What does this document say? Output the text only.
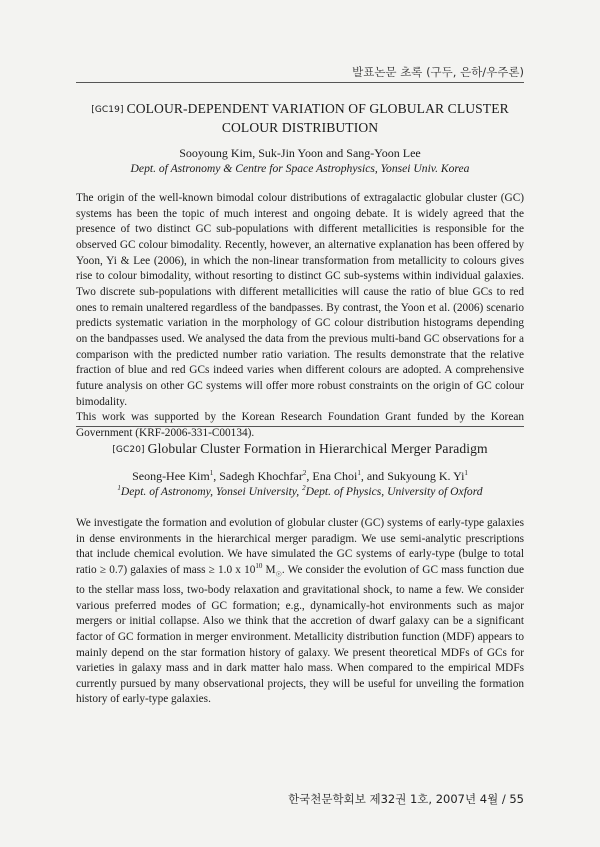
발표논문 초록 (구두, 은하/우주론)
[GC19] COLOUR-DEPENDENT VARIATION OF GLOBULAR CLUSTER
COLOUR DISTRIBUTION
Sooyoung Kim, Suk-Jin Yoon and Sang-Yoon Lee
Dept. of Astronomy & Centre for Space Astrophysics, Yonsei Univ. Korea

The origin of the well-known bimodal colour distributions of extragalactic globular cluster (GC) systems has been the topic of much interest and ongoing debate. It is widely agreed that the presence of two distinct GC sub-populations with different metallicities is responsible for the observed GC colour bimodality. Recently, however, an alternative explanation has been offered by Yoon, Yi & Lee (2006), in which the non-linear transformation from metallicity to colours gives rise to colour bimodality, without resorting to distinct GC sub-systems within individual galaxies. Two discrete sub-populations with different metallicities will cause the ratio of blue GCs to red ones to remain unaltered regardless of the bandpasses. By contrast, the Yoon et al. (2006) scenario predicts systematic variation in the morphology of GC colour distribution histograms depending on the bandpasses used. We analysed the data from the previous multi-band GC observations for a comparison with the predicted number ratio variation. The results demonstrate that the relative fraction of blue and red GCs indeed varies when different colours are adopted. A comprehensive future analysis on other GC systems will offer more robust constraints on the origin of GC colour bimodality.

This work was supported by the Korean Research Foundation Grant funded by the Korean Government (KRF-2006-331-C00134).

[GC20] Globular Cluster Formation in Hierarchical Merger Paradigm
Seong-Hee Kim$^1$, Sadegh Khochfar$^2$, Ena Choi$^1$, and Sukyoung K. Yi$^1$
$^1$Dept. of Astronomy, Yonsei University, $^2$Dept. of Physics, University of Oxford

We investigate the formation and evolution of globular cluster (GC) systems of early-type galaxies in dense environments in the hierarchical merger paradigm. We use semi-analytic prescriptions that include chemical evolution. We have simulated the GC systems of early-type (bulge to total ratio ≥ 0.7) galaxies of mass ≥ 1.0 x $10^{10}$ $M_☉$. We consider the evolution of GC mass function due to the stellar mass loss, two-body relaxation and gravitational shock, to name a few. We consider various preferred modes of GC formation; e.g., dynamically-hot environments such as major mergers or initial collapse. Also we think that the accretion of dwarf galaxy can be a significant factor of GC formation in merger environment. Metallicity distribution function (MDF) appears to mainly depend on the star formation history of galaxy. We present theoretical MDFs of GCs for varieties in galaxy mass and in dark matter halo mass. When compared to the empirical MDFs currently pursued by many observational projects, they will be useful for unveiling the formation history of early-type galaxies.

한국천문학회보 제32권 1호, 2007년 4월 / 55
